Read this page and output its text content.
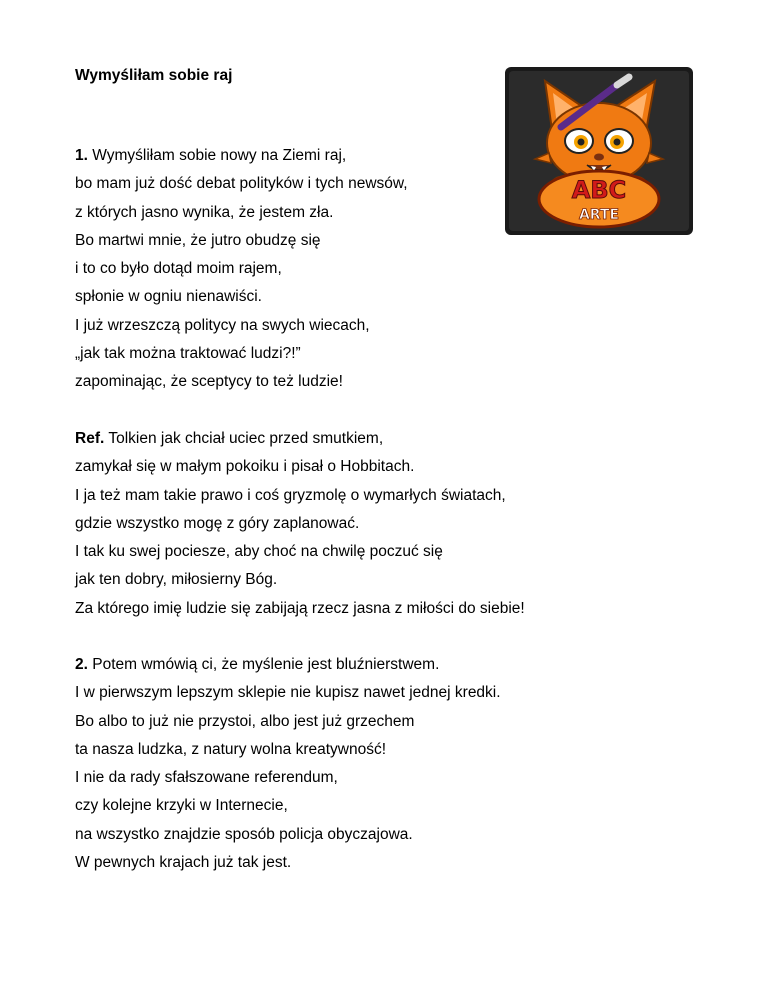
Wymyśliłam sobie raj
ABC
ARTE
1. Wymyśliłam sobie nowy na Ziemi raj,
bo mam już dość debat polityków i tych newsów,
z których jasno wynika, że jestem zła.
Bo martwi mnie, że jutro obudzę się
i to co było dotąd moim rajem,
spłonie w ogniu nienawiści.
I już wrzeszczą politycy na swych wiecach,
„jak tak można traktować ludzi?!”
zapominając, że sceptycy to też ludzie!
Ref. Tolkien jak chciał uciec przed smutkiem,
zamykał się w małym pokoiku i pisał o Hobbitach.
I ja też mam takie prawo i coś gryzmolę o wymarłych światach,
gdzie wszystko mogę z góry zaplanować.
I tak ku swej pociesze, aby choć na chwilę poczuć się
jak ten dobry, miłosierny Bóg.
Za którego imię ludzie się zabijają rzecz jasna z miłości do siebie!
2. Potem wmówią ci, że myślenie jest bluźnierstwem.
I w pierwszym lepszym sklepie nie kupisz nawet jednej kredki.
Bo albo to już nie przystoi, albo jest już grzechem
ta nasza ludzka, z natury wolna kreatywność!
I nie da rady sfałszowane referendum,
czy kolejne krzyki w Internecie,
na wszystko znajdzie sposób policja obyczajowa.
W pewnych krajach już tak jest.
